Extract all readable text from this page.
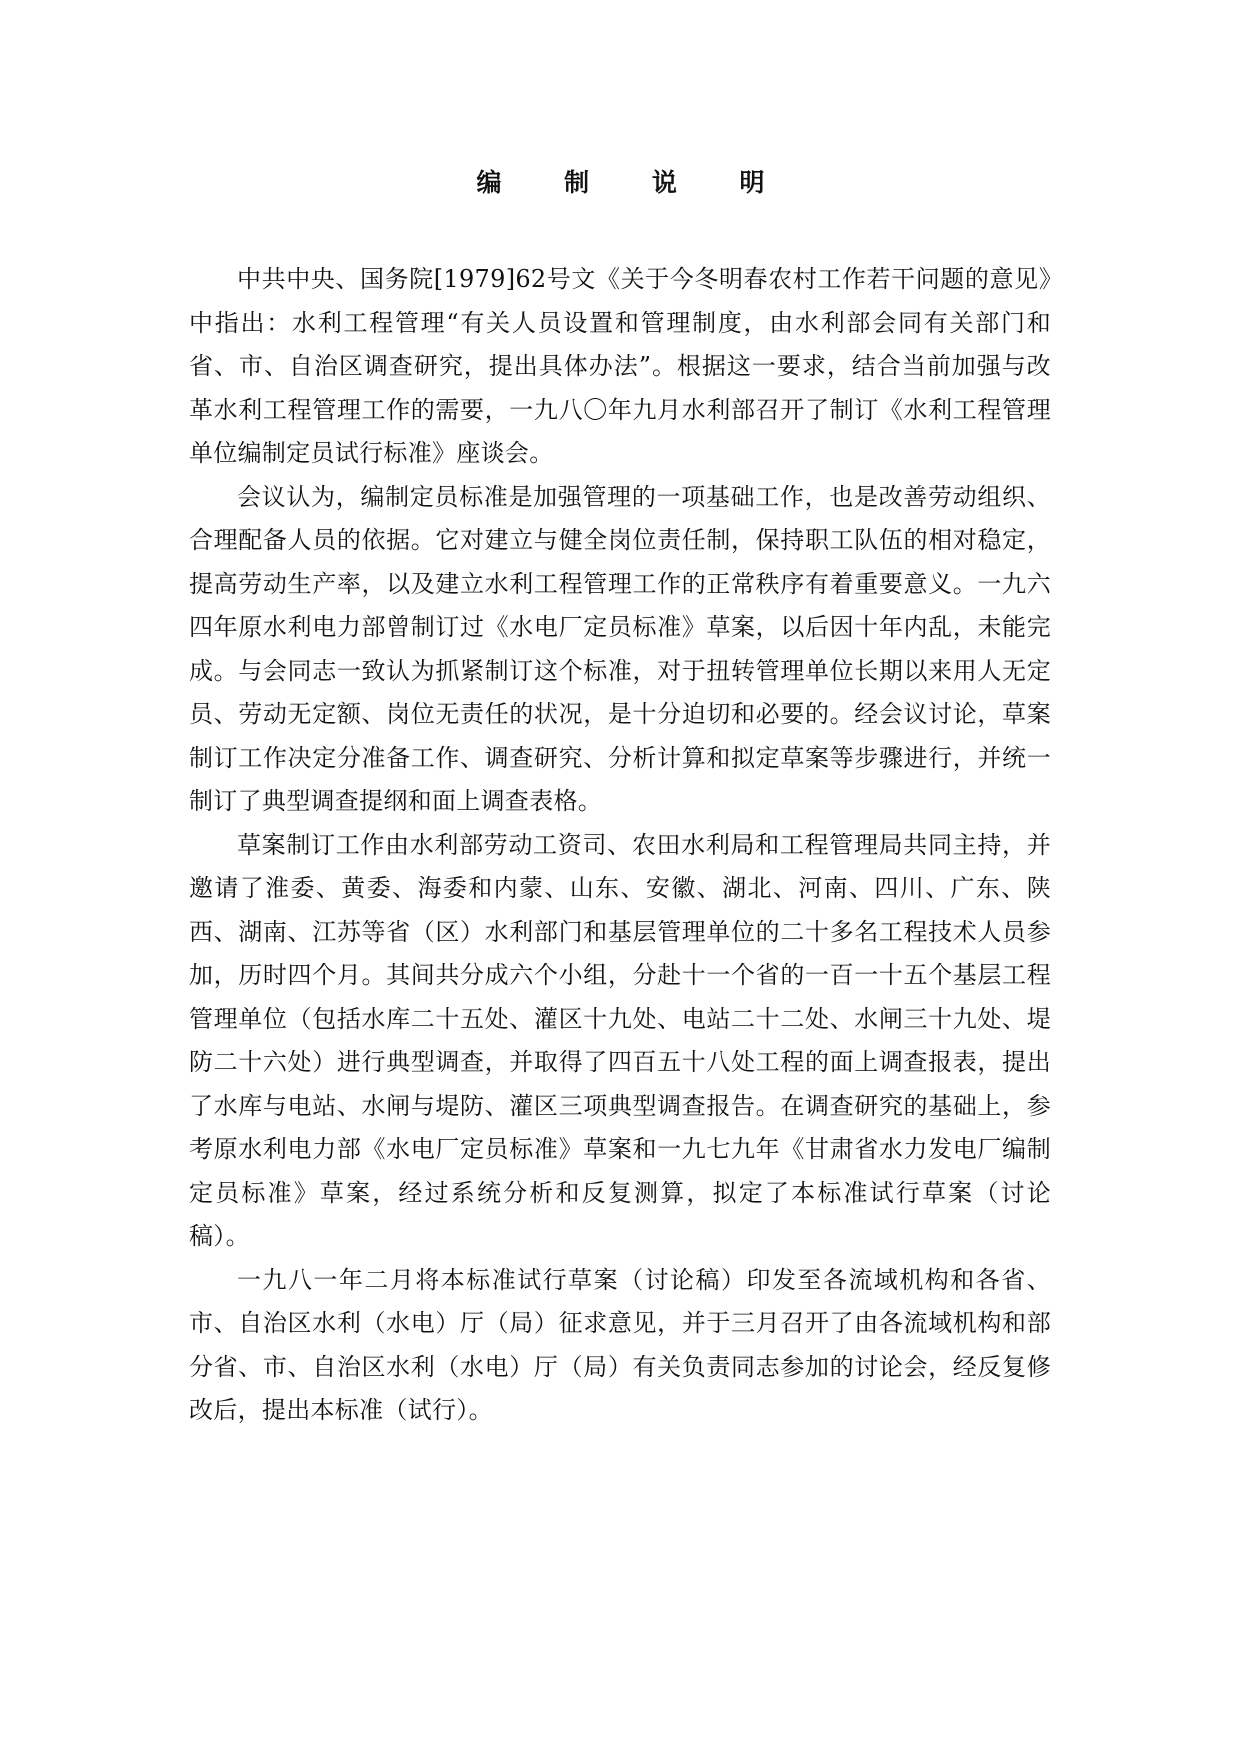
编 制 说 明

中共中央、国务院[1979]62号文《关于今冬明春农村工作若干问题的意见》中指出：水利工程管理“有关人员设置和管理制度，由水利部会同有关部门和省、市、自治区调查研究，提出具体办法”。根据这一要求，结合当前加强与改革水利工程管理工作的需要，一九八〇年九月水利部召开了制订《水利工程管理单位编制定员试行标准》座谈会。

会议认为，编制定员标准是加强管理的一项基础工作，也是改善劳动组织、合理配备人员的依据。它对建立与健全岗位责任制，保持职工队伍的相对稳定，提高劳动生产率，以及建立水利工程管理工作的正常秩序有着重要意义。一九六四年原水利电力部曾制订过《水电厂定员标准》草案，以后因十年内乱，未能完成。与会同志一致认为抓紧制订这个标准，对于扭转管理单位长期以来用人无定员、劳动无定额、岗位无责任的状况，是十分迫切和必要的。经会议讨论，草案制订工作决定分准备工作、调查研究、分析计算和拟定草案等步骤进行，并统一制订了典型调查提纲和面上调查表格。

草案制订工作由水利部劳动工资司、农田水利局和工程管理局共同主持，并邀请了淮委、黄委、海委和内蒙、山东、安徽、湖北、河南、四川、广东、陕西、湖南、江苏等省（区）水利部门和基层管理单位的二十多名工程技术人员参加，历时四个月。其间共分成六个小组，分赴十一个省的一百一十五个基层工程管理单位（包括水库二十五处、灌区十九处、电站二十二处、水闸三十九处、堤防二十六处）进行典型调查，并取得了四百五十八处工程的面上调查报表，提出了水库与电站、水闸与堤防、灌区三项典型调查报告。在调查研究的基础上，参考原水利电力部《水电厂定员标准》草案和一九七九年《甘肃省水力发电厂编制定员标准》草案，经过系统分析和反复测算，拟定了本标准试行草案（讨论稿）。

一九八一年二月将本标准试行草案（讨论稿）印发至各流域机构和各省、市、自治区水利（水电）厅（局）征求意见，并于三月召开了由各流域机构和部分省、市、自治区水利（水电）厅（局）有关负责同志参加的讨论会，经反复修改后，提出本标准（试行）。
